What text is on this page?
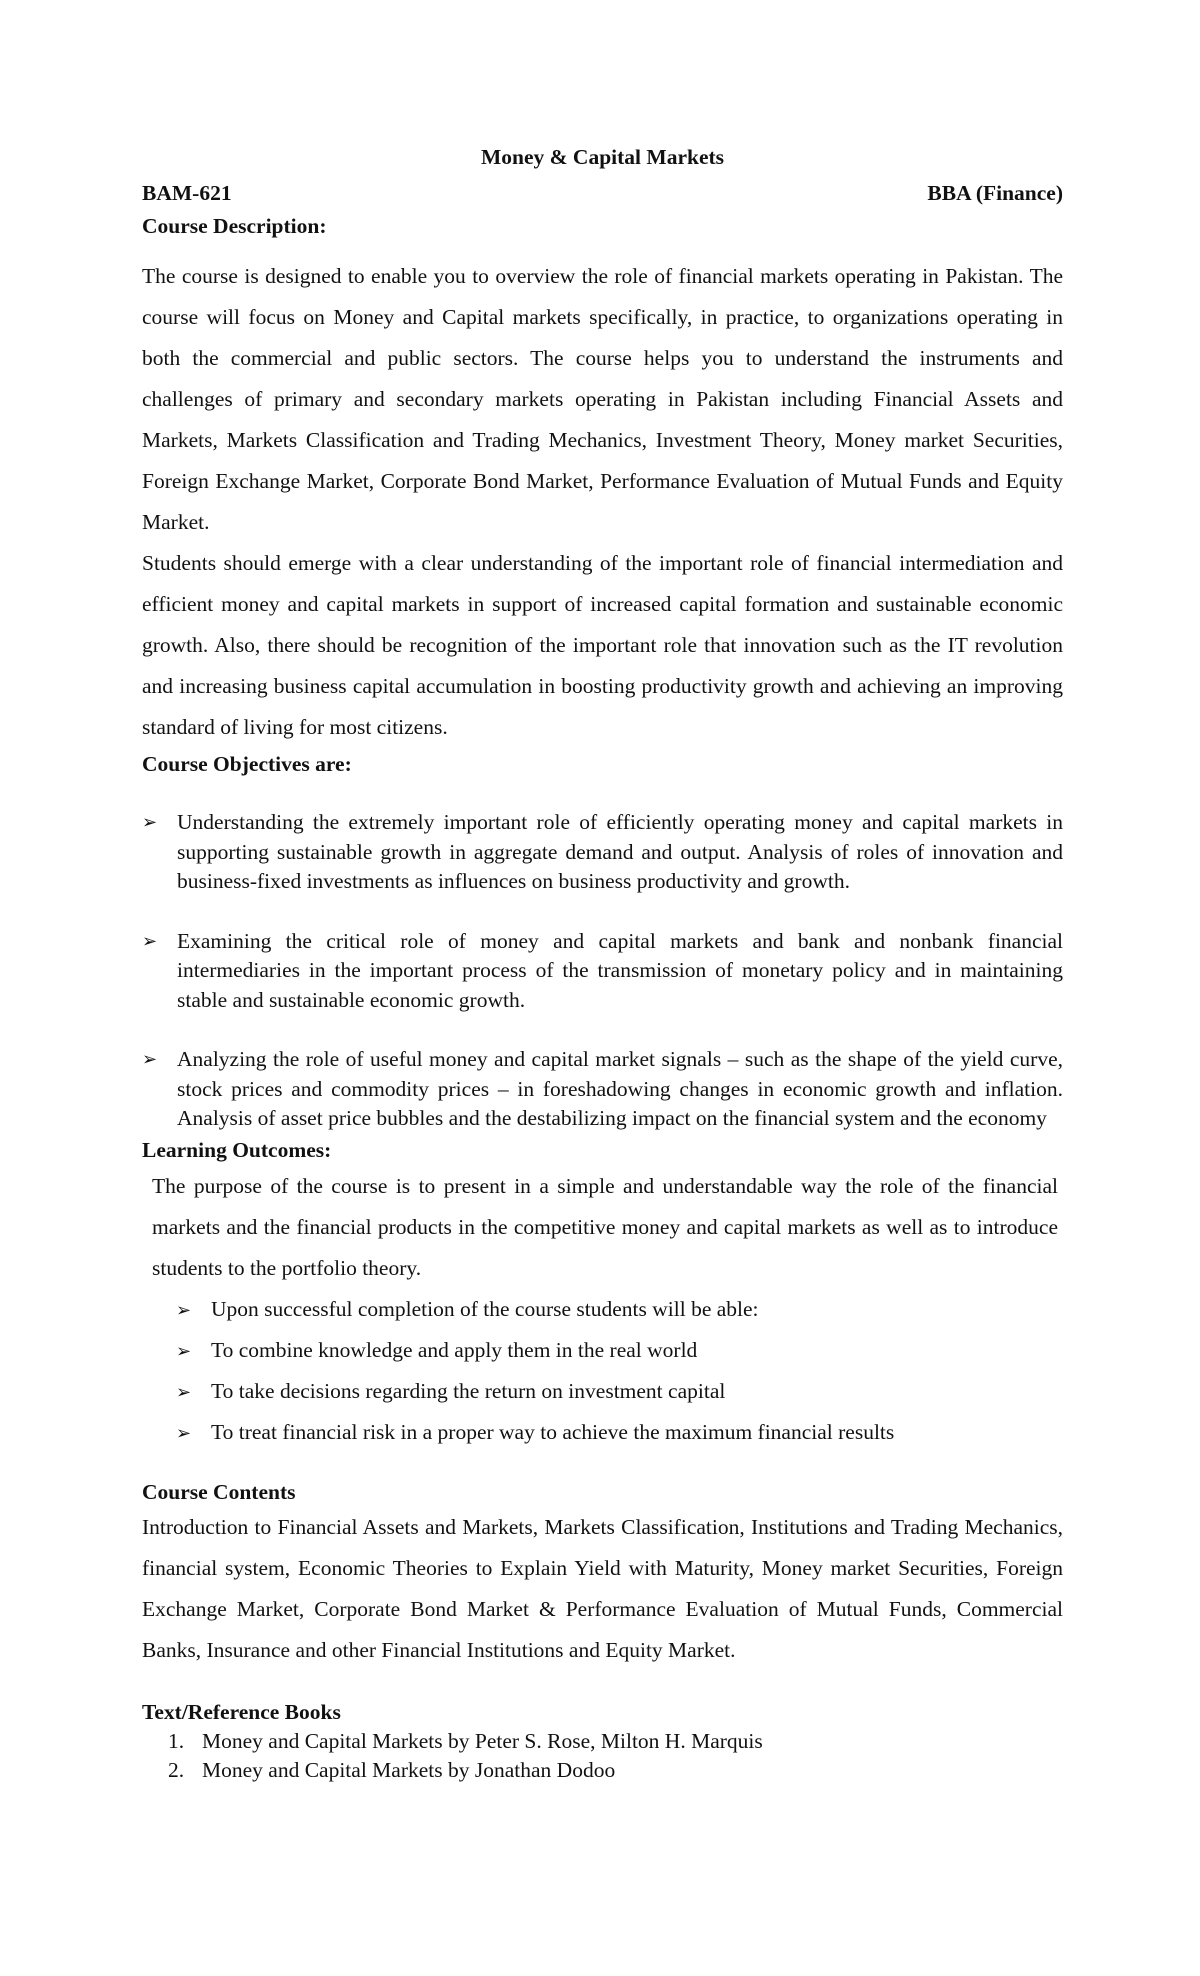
Money & Capital Markets

BAM-621	BBA (Finance)

Course Description:

The course is designed to enable you to overview the role of financial markets operating in Pakistan. The course will focus on Money and Capital markets specifically, in practice, to organizations operating in both the commercial and public sectors. The course helps you to understand the instruments and challenges of primary and secondary markets operating in Pakistan including Financial Assets and Markets, Markets Classification and Trading Mechanics, Investment Theory, Money market Securities, Foreign Exchange Market, Corporate Bond Market, Performance Evaluation of Mutual Funds and Equity Market.

Students should emerge with a clear understanding of the important role of financial intermediation and efficient money and capital markets in support of increased capital formation and sustainable economic growth. Also, there should be recognition of the important role that innovation such as the IT revolution and increasing business capital accumulation in boosting productivity growth and achieving an improving standard of living for most citizens.

Course Objectives are:

➢ Understanding the extremely important role of efficiently operating money and capital markets in supporting sustainable growth in aggregate demand and output. Analysis of roles of innovation and business-fixed investments as influences on business productivity and growth.
➢ Examining the critical role of money and capital markets and bank and nonbank financial intermediaries in the important process of the transmission of monetary policy and in maintaining stable and sustainable economic growth.
➢ Analyzing the role of useful money and capital market signals – such as the shape of the yield curve, stock prices and commodity prices – in foreshadowing changes in economic growth and inflation. Analysis of asset price bubbles and the destabilizing impact on the financial system and the economy

Learning Outcomes:

The purpose of the course is to present in a simple and understandable way the role of the financial markets and the financial products in the competitive money and capital markets as well as to introduce students to the portfolio theory.

➢ Upon successful completion of the course students will be able:
➢ To combine knowledge and apply them in the real world
➢ To take decisions regarding the return on investment capital
➢ To treat financial risk in a proper way to achieve the maximum financial results

Course Contents

Introduction to Financial Assets and Markets, Markets Classification, Institutions and Trading Mechanics, financial system, Economic Theories to Explain Yield with Maturity, Money market Securities, Foreign Exchange Market, Corporate Bond Market & Performance Evaluation of Mutual Funds, Commercial Banks, Insurance and other Financial Institutions and Equity Market.

Text/Reference Books

1. Money and Capital Markets by Peter S. Rose, Milton H. Marquis
2. Money and Capital Markets by Jonathan Dodoo
